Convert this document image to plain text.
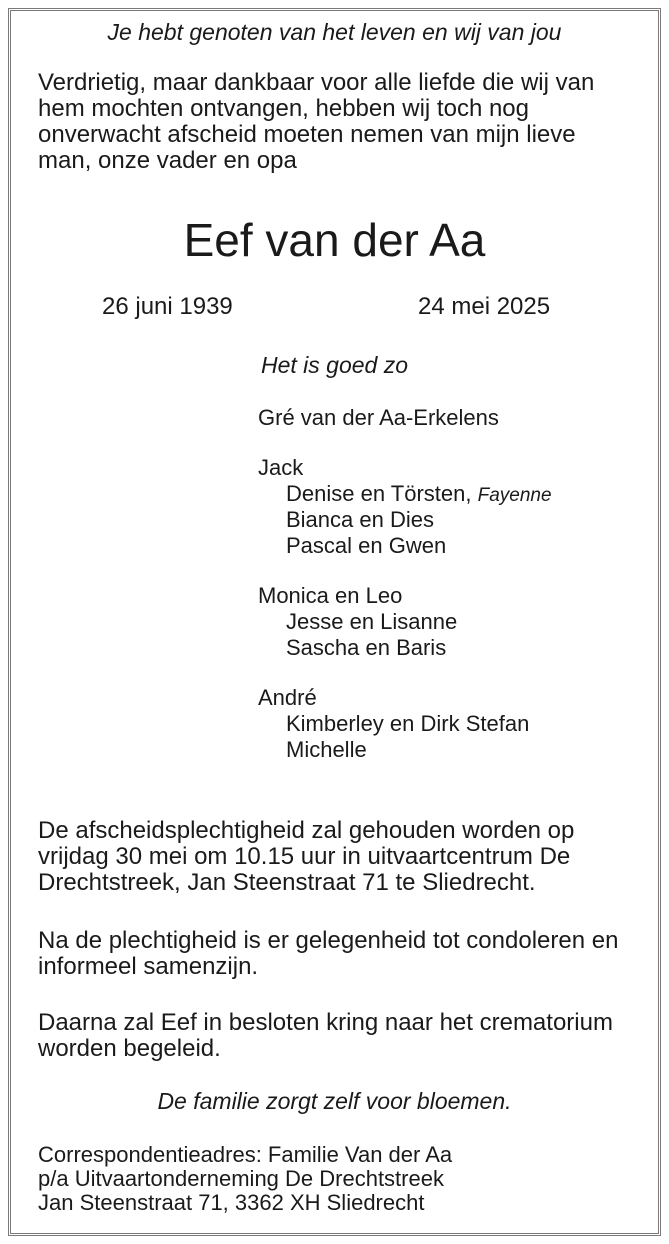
Je hebt genoten van het leven en wij van jou

Verdrietig, maar dankbaar voor alle liefde die wij van hem mochten ontvangen, hebben wij toch nog onverwacht afscheid moeten nemen van mijn lieve man, onze vader en opa

Eef van der Aa

26 juni 1939	24 mei 2025

Het is goed zo

Gré van der Aa-Erkelens
Jack
Denise en Törsten, Fayenne
Bianca en Dies
Pascal en Gwen
Monica en Leo
Jesse en Lisanne
Sascha en Baris
André
Kimberley en Dirk Stefan
Michelle

De afscheidsplechtigheid zal gehouden worden op vrijdag 30 mei om 10.15 uur in uitvaartcentrum De Drechtstreek, Jan Steenstraat 71 te Sliedrecht.

Na de plechtigheid is er gelegenheid tot condoleren en informeel samenzijn.

Daarna zal Eef in besloten kring naar het crematorium worden begeleid.

De familie zorgt zelf voor bloemen.

Correspondentieadres: Familie Van der Aa
p/a Uitvaartonderneming De Drechtstreek
Jan Steenstraat 71, 3362 XH Sliedrecht
